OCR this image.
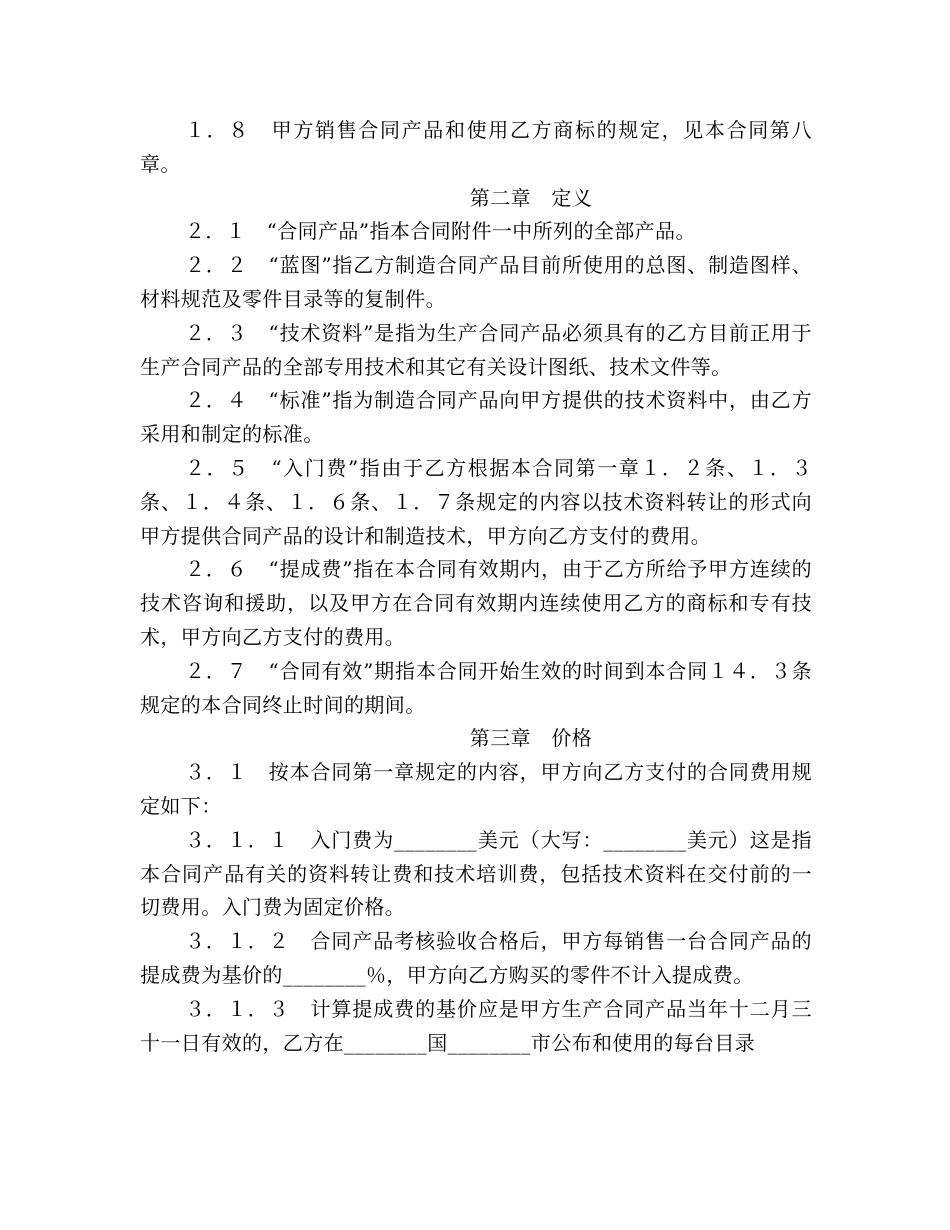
１．８　甲方销售合同产品和使用乙方商标的规定，见本合同第八章。

第二章　定义

２．１　“合同产品”指本合同附件一中所列的全部产品。

２．２　“蓝图”指乙方制造合同产品目前所使用的总图、制造图样、材料规范及零件目录等的复制件。

２．３　“技术资料”是指为生产合同产品必须具有的乙方目前正用于生产合同产品的全部专用技术和其它有关设计图纸、技术文件等。

２．４　“标准”指为制造合同产品向甲方提供的技术资料中，由乙方采用和制定的标准。

２．５　“入门费”指由于乙方根据本合同第一章１．２条、１．３条、１．４条、１．６条、１．７条规定的内容以技术资料转让的形式向甲方提供合同产品的设计和制造技术，甲方向乙方支付的费用。

２．６　“提成费”指在本合同有效期内，由于乙方所给予甲方连续的技术咨询和援助，以及甲方在合同有效期内连续使用乙方的商标和专有技术，甲方向乙方支付的费用。

２．７　“合同有效”期指本合同开始生效的时间到本合同１４．３条规定的本合同终止时间的期间。

第三章　价格

３．１　按本合同第一章规定的内容，甲方向乙方支付的合同费用规定如下：

３．１．１　入门费为________美元（大写：________美元）这是指本合同产品有关的资料转让费和技术培训费，包括技术资料在交付前的一切费用。入门费为固定价格。

３．１．２　合同产品考核验收合格后，甲方每销售一台合同产品的提成费为基价的________％，甲方向乙方购买的零件不计入提成费。

３．１．３　计算提成费的基价应是甲方生产合同产品当年十二月三十一日有效的，乙方在________国________市公布和使用的每台目录
